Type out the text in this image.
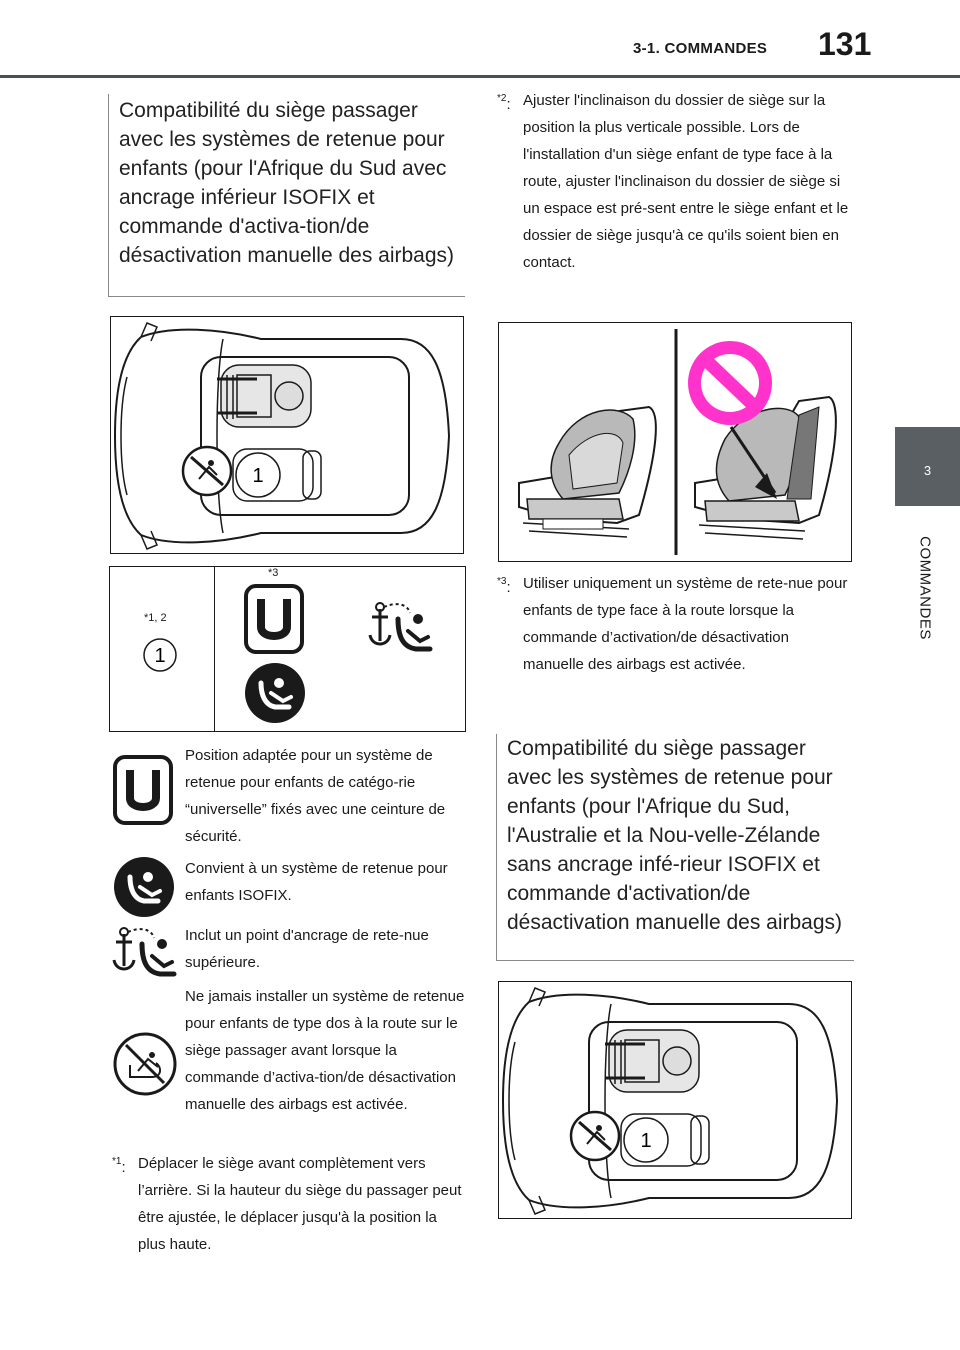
3-1. COMMANDES 131
3
COMMANDES
Compatibilité du siège passager avec les systèmes de retenue pour enfants (pour l'Afrique du Sud avec ancrage inférieur ISOFIX et commande d'activa-tion/de désactivation manuelle des airbags)
1
*1, 2
1
*3
Position adaptée pour un système de retenue pour enfants de catégo-rie “universelle” fixés avec une ceinture de sécurité.
Convient à un système de retenue pour enfants ISOFIX.
Inclut un point d'ancrage de rete-nue supérieure.
Ne jamais installer un système de retenue pour enfants de type dos à la route sur le siège passager avant lorsque la commande d’activa-tion/de désactivation manuelle des airbags est activée.
$^{*1}$: Déplacer le siège avant complètement vers l’arrière. Si la hauteur du siège du passager peut être ajustée, le déplacer jusqu'à la position la plus haute.
$^{*2}$: Ajuster l'inclinaison du dossier de siège sur la position la plus verticale possible. Lors de l'installation d'un siège enfant de type face à la route, ajuster l'inclinaison du dossier de siège si un espace est pré-sent entre le siège enfant et le dossier de siège jusqu'à ce qu'ils soient bien en contact.
$^{*3}$: Utiliser uniquement un système de rete-nue pour enfants de type face à la route lorsque la commande d’activation/de désactivation manuelle des airbags est activée.
Compatibilité du siège passager avec les systèmes de retenue pour enfants (pour l'Afrique du Sud, l'Australie et la Nou-velle-Zélande sans ancrage infé-rieur ISOFIX et commande d'activation/de désactivation manuelle des airbags)
1
